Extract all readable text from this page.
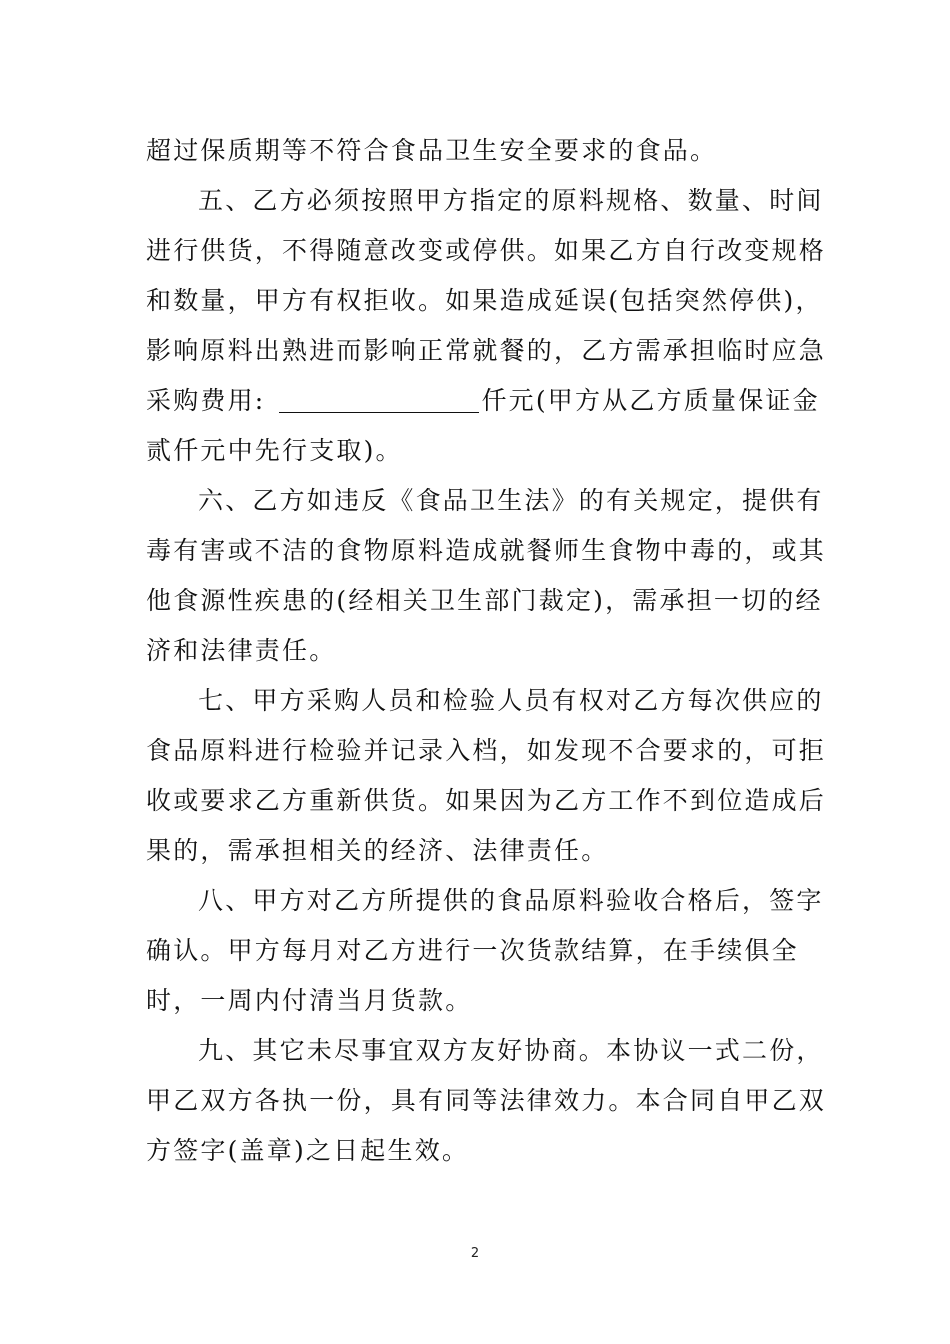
超过保质期等不符合食品卫生安全要求的食品。
五、乙方必须按照甲方指定的原料规格、数量、时间
进行供货，不得随意改变或停供。如果乙方自行改变规格
和数量，甲方有权拒收。如果造成延误(包括突然停供)，
影响原料出熟进而影响正常就餐的，乙方需承担临时应急
采购费用:	仟元(甲方从乙方质量保证金
贰仟元中先行支取)。
六、乙方如违反《食品卫生法》的有关规定，提供有
毒有害或不洁的食物原料造成就餐师生食物中毒的，或其
他食源性疾患的(经相关卫生部门裁定)，需承担一切的经
济和法律责任。
七、甲方采购人员和检验人员有权对乙方每次供应的
食品原料进行检验并记录入档，如发现不合要求的，可拒
收或要求乙方重新供货。如果因为乙方工作不到位造成后
果的，需承担相关的经济、法律责任。
八、甲方对乙方所提供的食品原料验收合格后，签字
确认。甲方每月对乙方进行一次货款结算，在手续俱全
时，一周内付清当月货款。
九、其它未尽事宜双方友好协商。本协议一式二份，
甲乙双方各执一份，具有同等法律效力。本合同自甲乙双
方签字(盖章)之日起生效。
2
